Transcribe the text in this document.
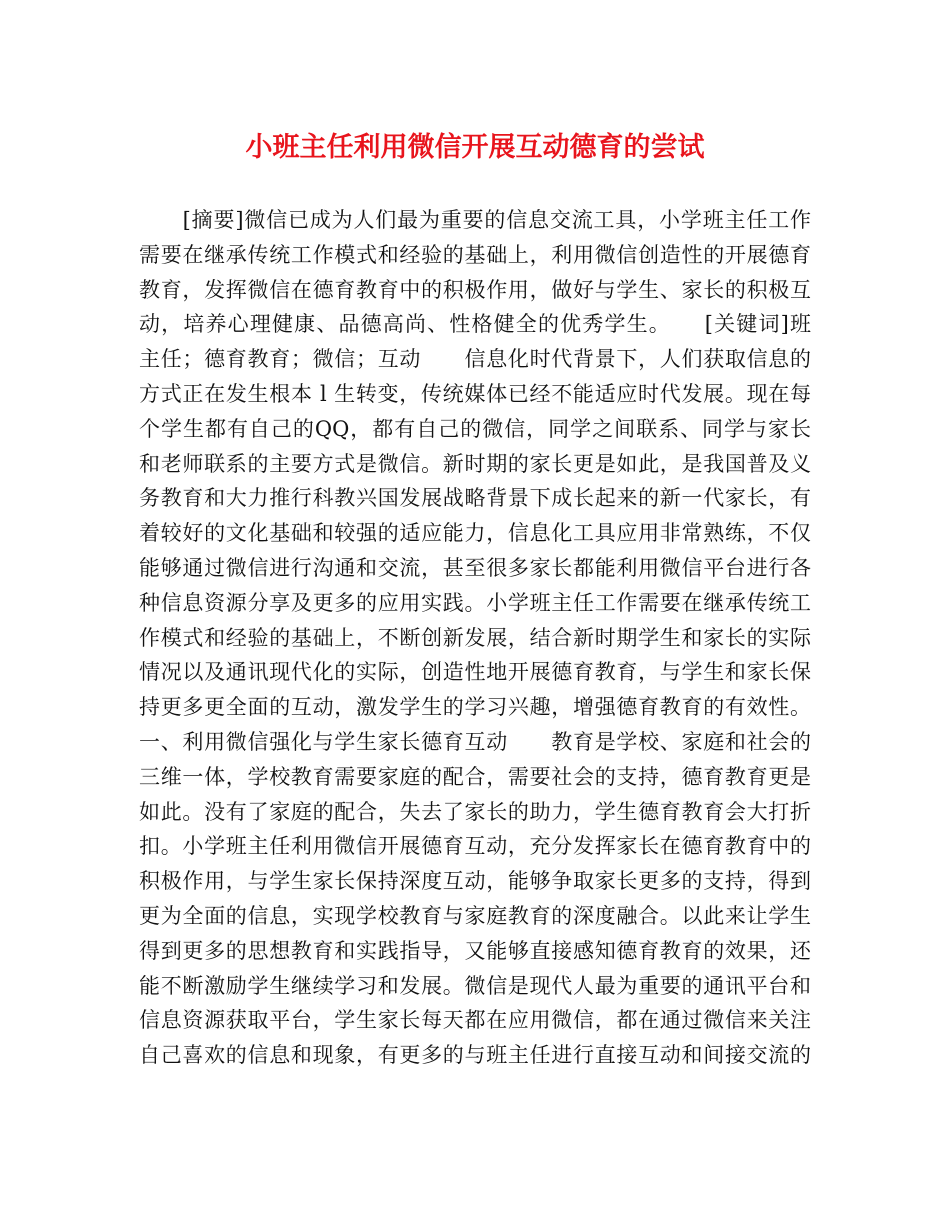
小班主任利用微信开展互动德育的尝试
　　[摘要]微信已成为人们最为重要的信息交流工具，小学班主任工作
需要在继承传统工作模式和经验的基础上，利用微信创造性的开展德育
教育，发挥微信在德育教育中的积极作用，做好与学生、家长的积极互
动，培养心理健康、品德高尚、性格健全的优秀学生。　　[关键词]班
主任；德育教育；微信；互动　　信息化时代背景下，人们获取信息的
方式正在发生根本 l 生转变，传统媒体已经不能适应时代发展。现在每
个学生都有自己的QQ，都有自己的微信，同学之间联系、同学与家长
和老师联系的主要方式是微信。新时期的家长更是如此，是我国普及义
务教育和大力推行科教兴国发展战略背景下成长起来的新一代家长，有
着较好的文化基础和较强的适应能力，信息化工具应用非常熟练，不仅
能够通过微信进行沟通和交流，甚至很多家长都能利用微信平台进行各
种信息资源分享及更多的应用实践。小学班主任工作需要在继承传统工
作模式和经验的基础上，不断创新发展，结合新时期学生和家长的实际
情况以及通讯现代化的实际，创造性地开展德育教育，与学生和家长保
持更多更全面的互动，激发学生的学习兴趣，增强德育教育的有效性。
一、利用微信强化与学生家长德育互动　　教育是学校、家庭和社会的
三维一体，学校教育需要家庭的配合，需要社会的支持，德育教育更是
如此。没有了家庭的配合，失去了家长的助力，学生德育教育会大打折
扣。小学班主任利用微信开展德育互动，充分发挥家长在德育教育中的
积极作用，与学生家长保持深度互动，能够争取家长更多的支持，得到
更为全面的信息，实现学校教育与家庭教育的深度融合。以此来让学生
得到更多的思想教育和实践指导，又能够直接感知德育教育的效果，还
能不断激励学生继续学习和发展。微信是现代人最为重要的通讯平台和
信息资源获取平台，学生家长每天都在应用微信，都在通过微信来关注
自己喜欢的信息和现象，有更多的与班主任进行直接互动和间接交流的
